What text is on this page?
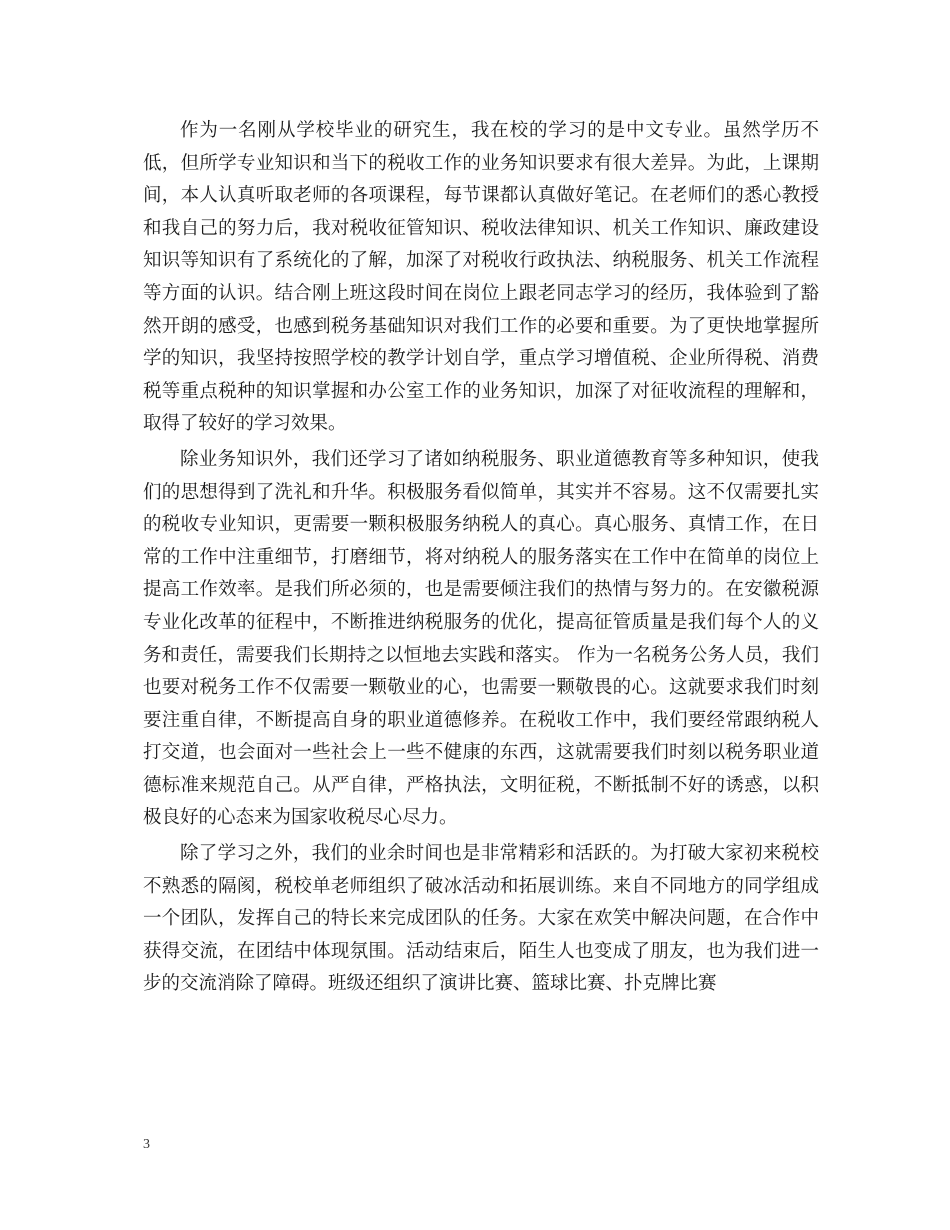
作为一名刚从学校毕业的研究生，我在校的学习的是中文专业。虽然学历不低，但所学专业知识和当下的税收工作的业务知识要求有很大差异。为此，上课期间，本人认真听取老师的各项课程，每节课都认真做好笔记。在老师们的悉心教授和我自己的努力后，我对税收征管知识、税收法律知识、机关工作知识、廉政建设知识等知识有了系统化的了解，加深了对税收行政执法、纳税服务、机关工作流程等方面的认识。结合刚上班这段时间在岗位上跟老同志学习的经历，我体验到了豁然开朗的感受，也感到税务基础知识对我们工作的必要和重要。为了更快地掌握所学的知识，我坚持按照学校的教学计划自学，重点学习增值税、企业所得税、消费税等重点税种的知识掌握和办公室工作的业务知识，加深了对征收流程的理解和，取得了较好的学习效果。

除业务知识外，我们还学习了诸如纳税服务、职业道德教育等多种知识，使我们的思想得到了洗礼和升华。积极服务看似简单，其实并不容易。这不仅需要扎实的税收专业知识，更需要一颗积极服务纳税人的真心。真心服务、真情工作，在日常的工作中注重细节，打磨细节，将对纳税人的服务落实在工作中在简单的岗位上提高工作效率。是我们所必须的，也是需要倾注我们的热情与努力的。在安徽税源专业化改革的征程中，不断推进纳税服务的优化，提高征管质量是我们每个人的义务和责任，需要我们长期持之以恒地去实践和落实。 作为一名税务公务人员，我们也要对税务工作不仅需要一颗敬业的心，也需要一颗敬畏的心。这就要求我们时刻要注重自律，不断提高自身的职业道德修养。在税收工作中，我们要经常跟纳税人打交道，也会面对一些社会上一些不健康的东西，这就需要我们时刻以税务职业道德标准来规范自己。从严自律，严格执法，文明征税，不断抵制不好的诱惑，以积极良好的心态来为国家收税尽心尽力。

除了学习之外，我们的业余时间也是非常精彩和活跃的。为打破大家初来税校不熟悉的隔阂，税校单老师组织了破冰活动和拓展训练。来自不同地方的同学组成一个团队，发挥自己的特长来完成团队的任务。大家在欢笑中解决问题，在合作中获得交流，在团结中体现氛围。活动结束后，陌生人也变成了朋友，也为我们进一步的交流消除了障碍。班级还组织了演讲比赛、篮球比赛、扑克牌比赛

3
